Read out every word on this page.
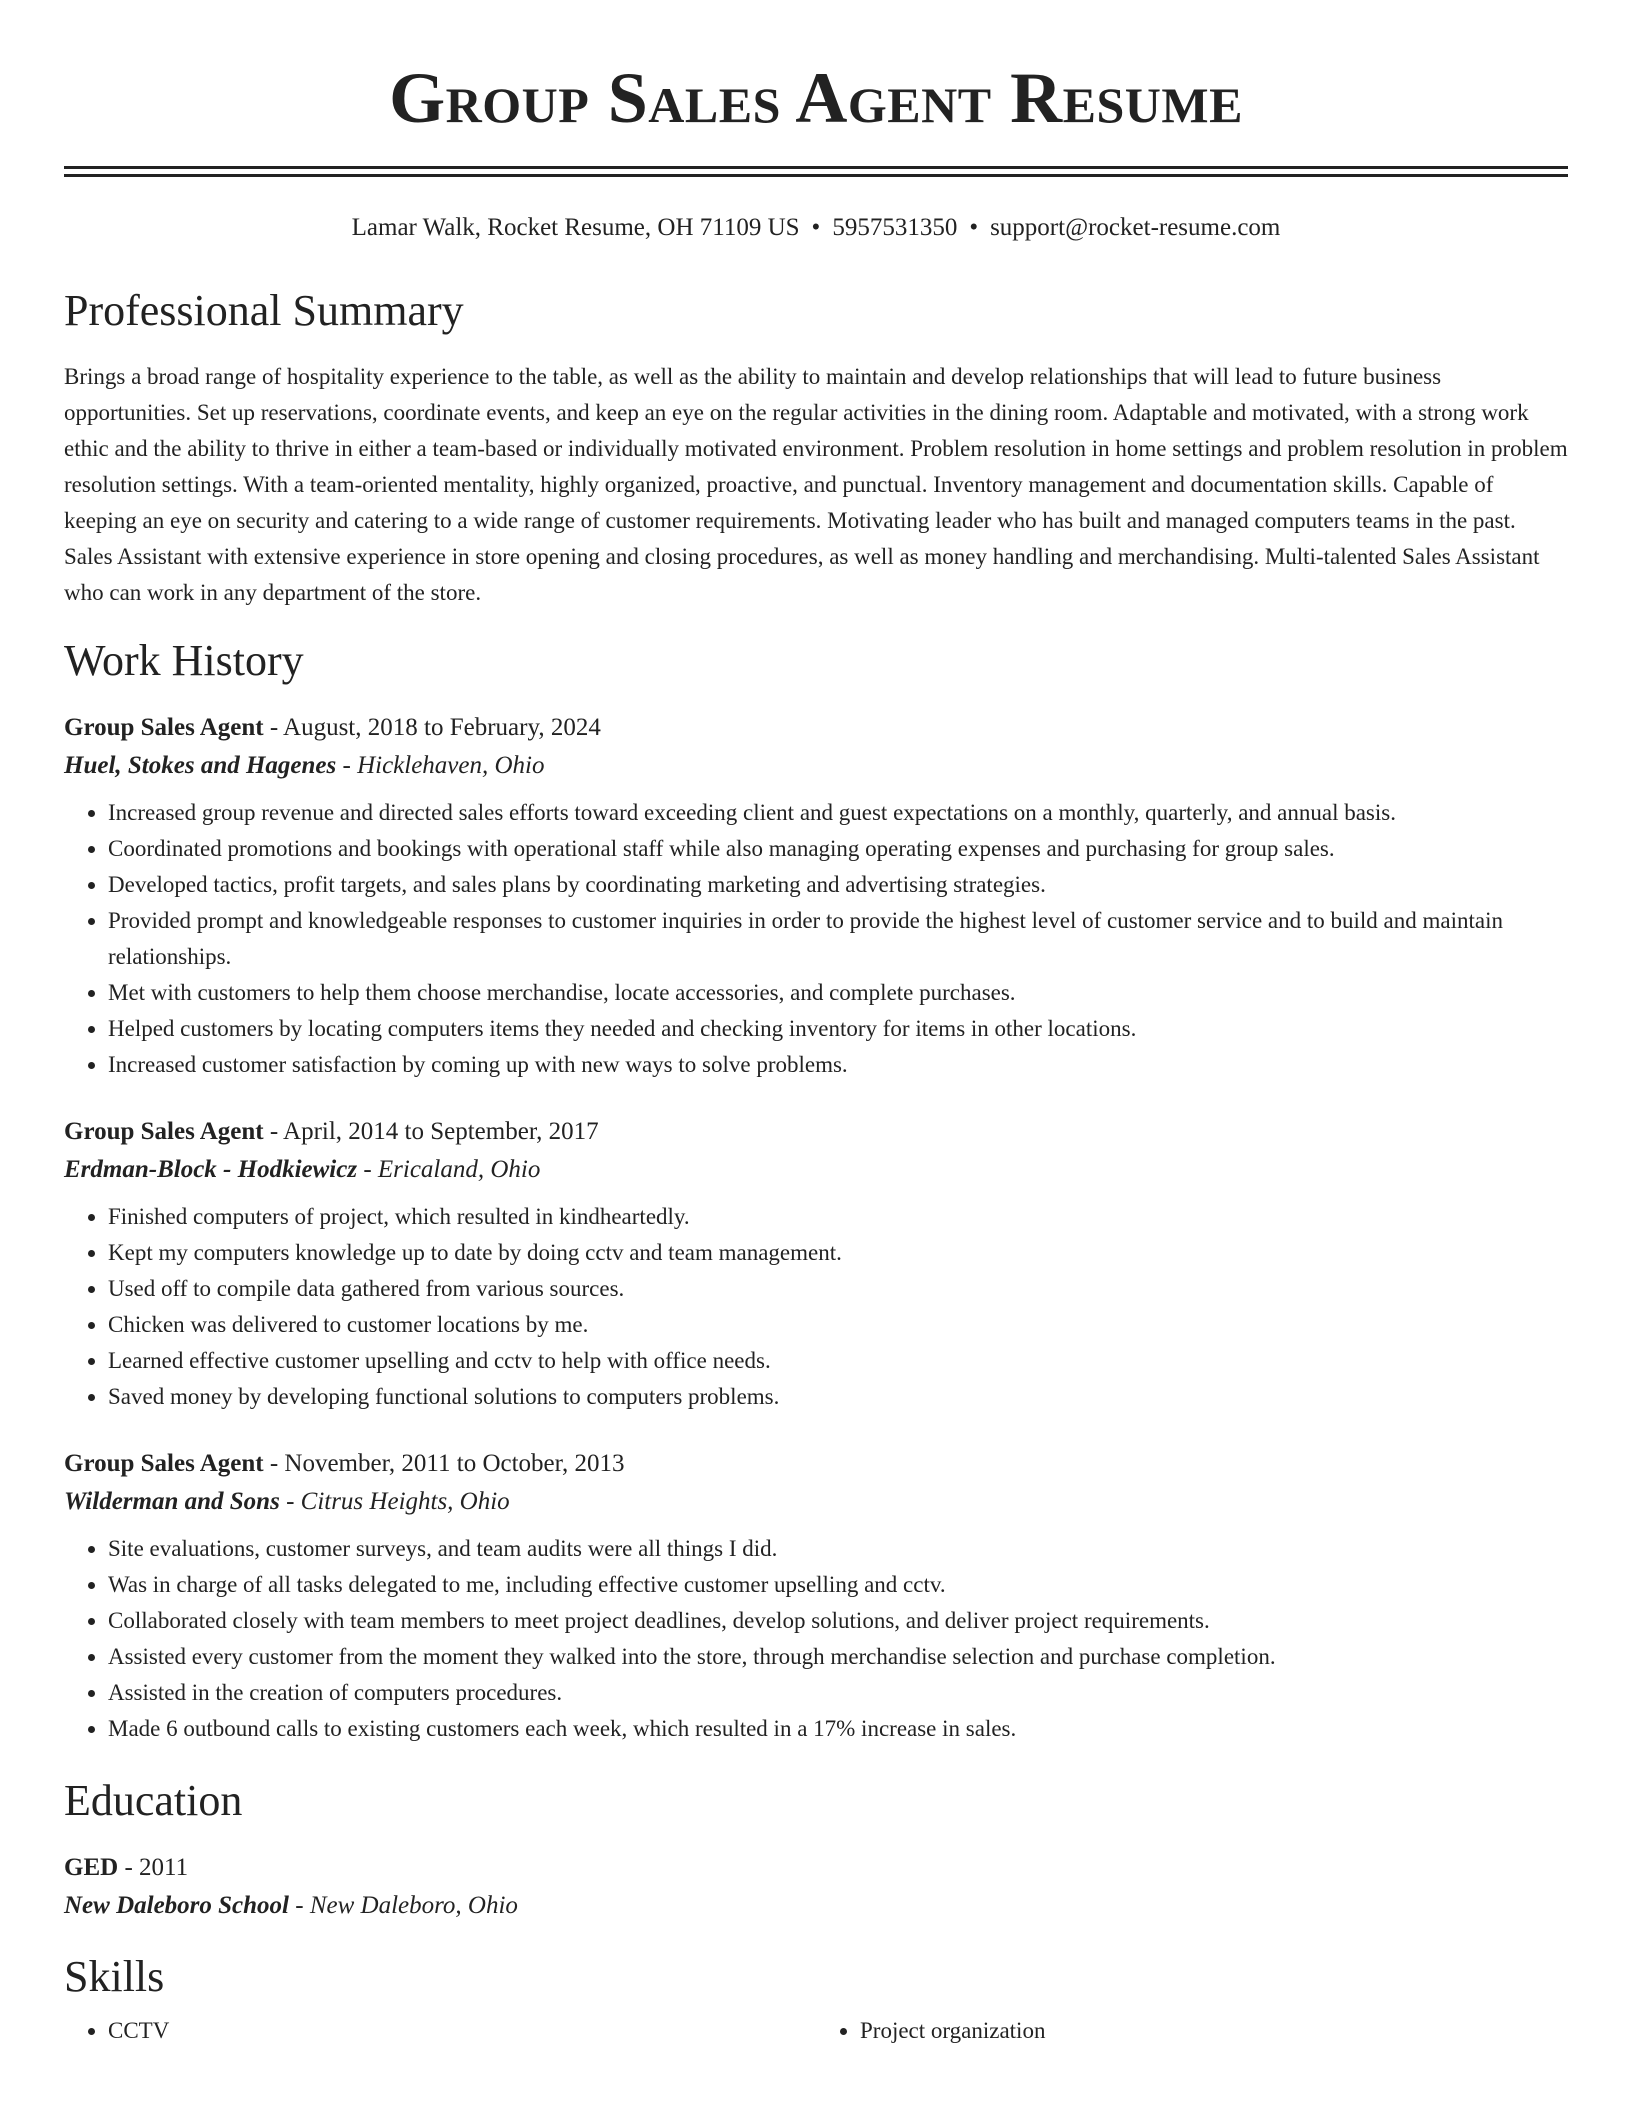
Group Sales Agent Resume
Lamar Walk, Rocket Resume, OH 71109 US • 5957531350 • support@rocket-resume.com
Professional Summary

Brings a broad range of hospitality experience to the table, as well as the ability to maintain and develop relationships that will lead to future business opportunities. Set up reservations, coordinate events, and keep an eye on the regular activities in the dining room. Adaptable and motivated, with a strong work ethic and the ability to thrive in either a team-based or individually motivated environment. Problem resolution in home settings and problem resolution in problem resolution settings. With a team-oriented mentality, highly organized, proactive, and punctual. Inventory management and documentation skills. Capable of keeping an eye on security and catering to a wide range of customer requirements. Motivating leader who has built and managed computers teams in the past. Sales Assistant with extensive experience in store opening and closing procedures, as well as money handling and merchandising. Multi-talented Sales Assistant who can work in any department of the store.

Work History
Group Sales Agent - August, 2018 to February, 2024
Huel, Stokes and Hagenes - Hicklehaven, Ohio
• Increased group revenue and directed sales efforts toward exceeding client and guest expectations on a monthly, quarterly, and annual basis.
• Coordinated promotions and bookings with operational staff while also managing operating expenses and purchasing for group sales.
• Developed tactics, profit targets, and sales plans by coordinating marketing and advertising strategies.
• Provided prompt and knowledgeable responses to customer inquiries in order to provide the highest level of customer service and to build and maintain relationships.
• Met with customers to help them choose merchandise, locate accessories, and complete purchases.
• Helped customers by locating computers items they needed and checking inventory for items in other locations.
• Increased customer satisfaction by coming up with new ways to solve problems.
Group Sales Agent - April, 2014 to September, 2017
Erdman-Block - Hodkiewicz - Ericaland, Ohio
• Finished computers of project, which resulted in kindheartedly.
• Kept my computers knowledge up to date by doing cctv and team management.
• Used off to compile data gathered from various sources.
• Chicken was delivered to customer locations by me.
• Learned effective customer upselling and cctv to help with office needs.
• Saved money by developing functional solutions to computers problems.
Group Sales Agent - November, 2011 to October, 2013
Wilderman and Sons - Citrus Heights, Ohio
• Site evaluations, customer surveys, and team audits were all things I did.
• Was in charge of all tasks delegated to me, including effective customer upselling and cctv.
• Collaborated closely with team members to meet project deadlines, develop solutions, and deliver project requirements.
• Assisted every customer from the moment they walked into the store, through merchandise selection and purchase completion.
• Assisted in the creation of computers procedures.
• Made 6 outbound calls to existing customers each week, which resulted in a 17% increase in sales.
Education
GED - 2011
New Daleboro School - New Daleboro, Ohio
Skills
• CCTV
•	Project organization
